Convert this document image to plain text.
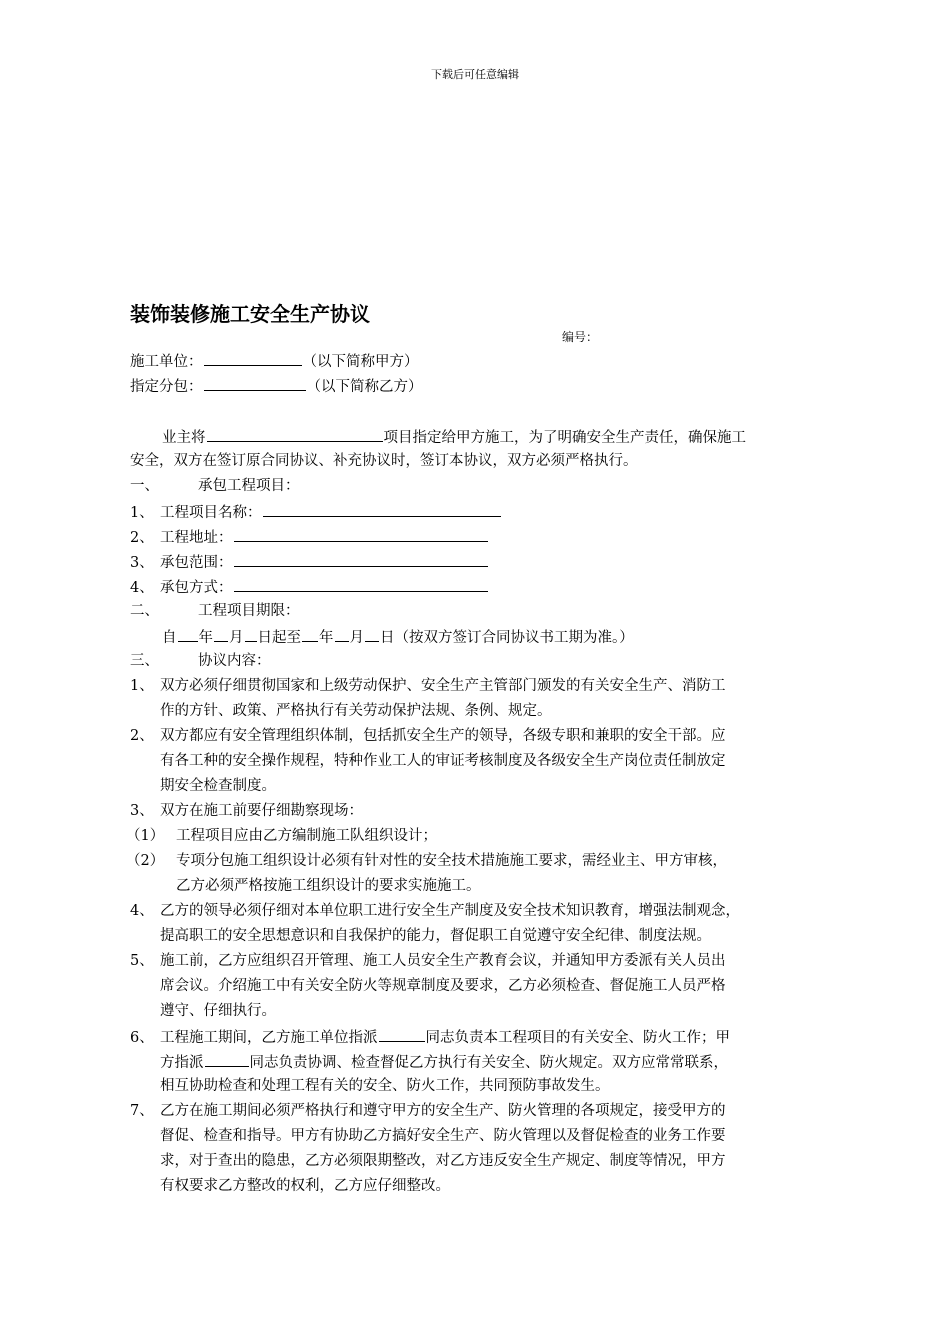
下载后可任意编辑
装饰装修施工安全生产协议
编号：
施工单位：	（以下简称甲方）
指定分包：	（以下简称乙方）
业主将	项目指定给甲方施工，为了明确安全生产责任，确保施工
安全，双方在签订原合同协议、补充协议时，签订本协议，双方必须严格执行。
一、	承包工程项目：
1、 工程项目名称：
2、 工程地址：
3、 承包范围：
4、 承包方式：
二、	工程项目期限：
自 年 月 日起至 年 月 日（按双方签订合同协议书工期为准。）
三、	协议内容：
1、 双方必须仔细贯彻国家和上级劳动保护、安全生产主管部门颁发的有关安全生产、消防工
作的方针、政策、严格执行有关劳动保护法规、条例、规定。
2、 双方都应有安全管理组织体制，包括抓安全生产的领导，各级专职和兼职的安全干部。应
有各工种的安全操作规程，特种作业工人的审证考核制度及各级安全生产岗位责任制放定
期安全检查制度。
3、 双方在施工前要仔细勘察现场：
（1） 工程项目应由乙方编制施工队组织设计；
（2） 专项分包施工组织设计必须有针对性的安全技术措施施工要求，需经业主、甲方审核，
乙方必须严格按施工组织设计的要求实施施工。
4、 乙方的领导必须仔细对本单位职工进行安全生产制度及安全技术知识教育，增强法制观念，
提高职工的安全思想意识和自我保护的能力，督促职工自觉遵守安全纪律、制度法规。
5、 施工前，乙方应组织召开管理、施工人员安全生产教育会议，并通知甲方委派有关人员出
席会议。介绍施工中有关安全防火等规章制度及要求，乙方必须检查、督促施工人员严格
遵守、仔细执行。
6、 工程施工期间，乙方施工单位指派	同志负责本工程项目的有关安全、防火工作；甲
方指派	同志负责协调、检查督促乙方执行有关安全、防火规定。双方应常常联系，
相互协助检查和处理工程有关的安全、防火工作，共同预防事故发生。
7、 乙方在施工期间必须严格执行和遵守甲方的安全生产、防火管理的各项规定，接受甲方的
督促、检查和指导。甲方有协助乙方搞好安全生产、防火管理以及督促检查的业务工作要
求，对于查出的隐患，乙方必须限期整改，对乙方违反安全生产规定、制度等情况，甲方
有权要求乙方整改的权利，乙方应仔细整改。
